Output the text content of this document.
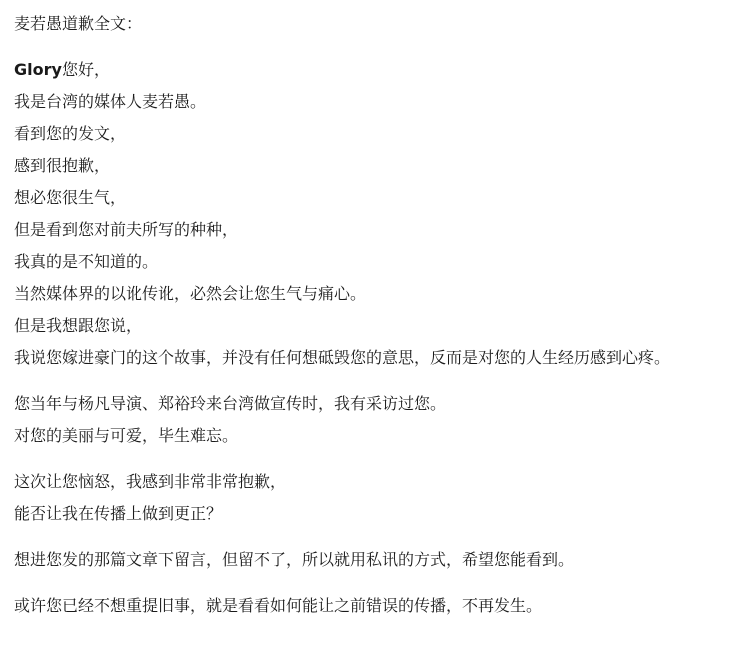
麦若愚道歉全文：
Glory您好，
我是台湾的媒体人麦若愚。
看到您的发文，
感到很抱歉，
想必您很生气，
但是看到您对前夫所写的种种，
我真的是不知道的。
当然媒体界的以讹传讹，必然会让您生气与痛心。
但是我想跟您说，
我说您嫁进豪门的这个故事，并没有任何想砥毁您的意思，反而是对您的人生经历感到心疼。
您当年与杨凡导演、郑裕玲来台湾做宣传时，我有采访过您。
对您的美丽与可爱，毕生难忘。
这次让您恼怒，我感到非常非常抱歉，
能否让我在传播上做到更正？
想进您发的那篇文章下留言，但留不了，所以就用私讯的方式，希望您能看到。
或许您已经不想重提旧事，就是看看如何能让之前错误的传播，不再发生。
